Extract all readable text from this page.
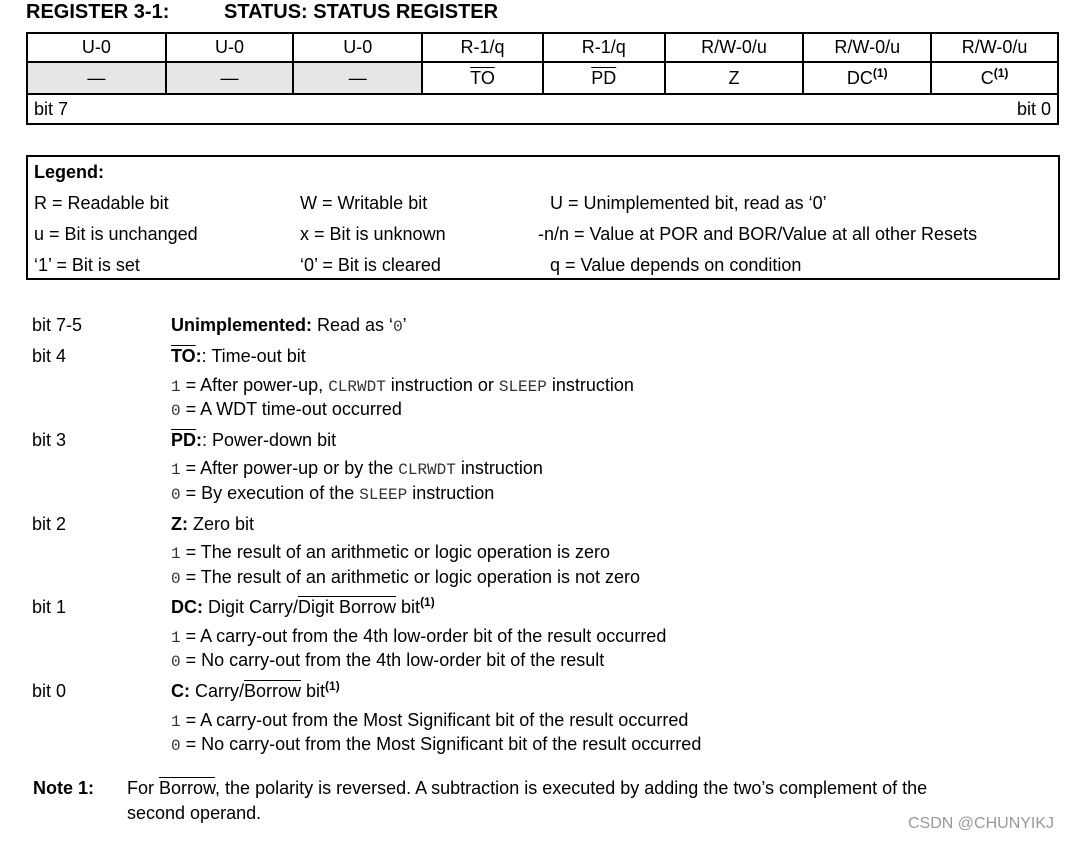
REGISTER 3-1:	STATUS: STATUS REGISTER
U-0	U-0	U-0	R-1/q	R-1/q	R/W-0/u	R/W-0/u	R/W-0/u
—	—	—	$\overline{TO}$	$\overline{PD}$	Z	DC$^{(1)}$	$C^{(1)}$
bit 7 bit 0							
Legend:
R = Readable bit	W = Writable bit	U = Unimplemented bit, read as ‘0’
u = Bit is unchanged	x = Bit is unknown	-n/n = Value at POR and BOR/Value at all other Resets
‘1’ = Bit is set	‘0’ = Bit is cleared	q = Value depends on condition
bit 7-5	Unimplemented: Read as ‘0’
bit 4	$\overline{TO}$:: Time-out bit
1 = After power-up, CLRWDT instruction or SLEEP instruction
0 = A WDT time-out occurred
bit 3	$\overline{PD}$:: Power-down bit
1 = After power-up or by the CLRWDT instruction
0 = By execution of the SLEEP instruction
bit 2	Z: Zero bit
1 = The result of an arithmetic or logic operation is zero
0 = The result of an arithmetic or logic operation is not zero
bit 1	DC: Digit Carry/Digit Borrow bit$^{(1)}$
1 = A carry-out from the 4th low-order bit of the result occurred
0 = No carry-out from the 4th low-order bit of the result
bit 0	C: Carry/Borrow bit$^{(1)}$
1 = A carry-out from the Most Significant bit of the result occurred
0 = No carry-out from the Most Significant bit of the result occurred
Note 1: For Borrow, the polarity is reversed. A subtraction is executed by adding the two’s complement of the
second operand.
CSDN @CHUNYIKJ
